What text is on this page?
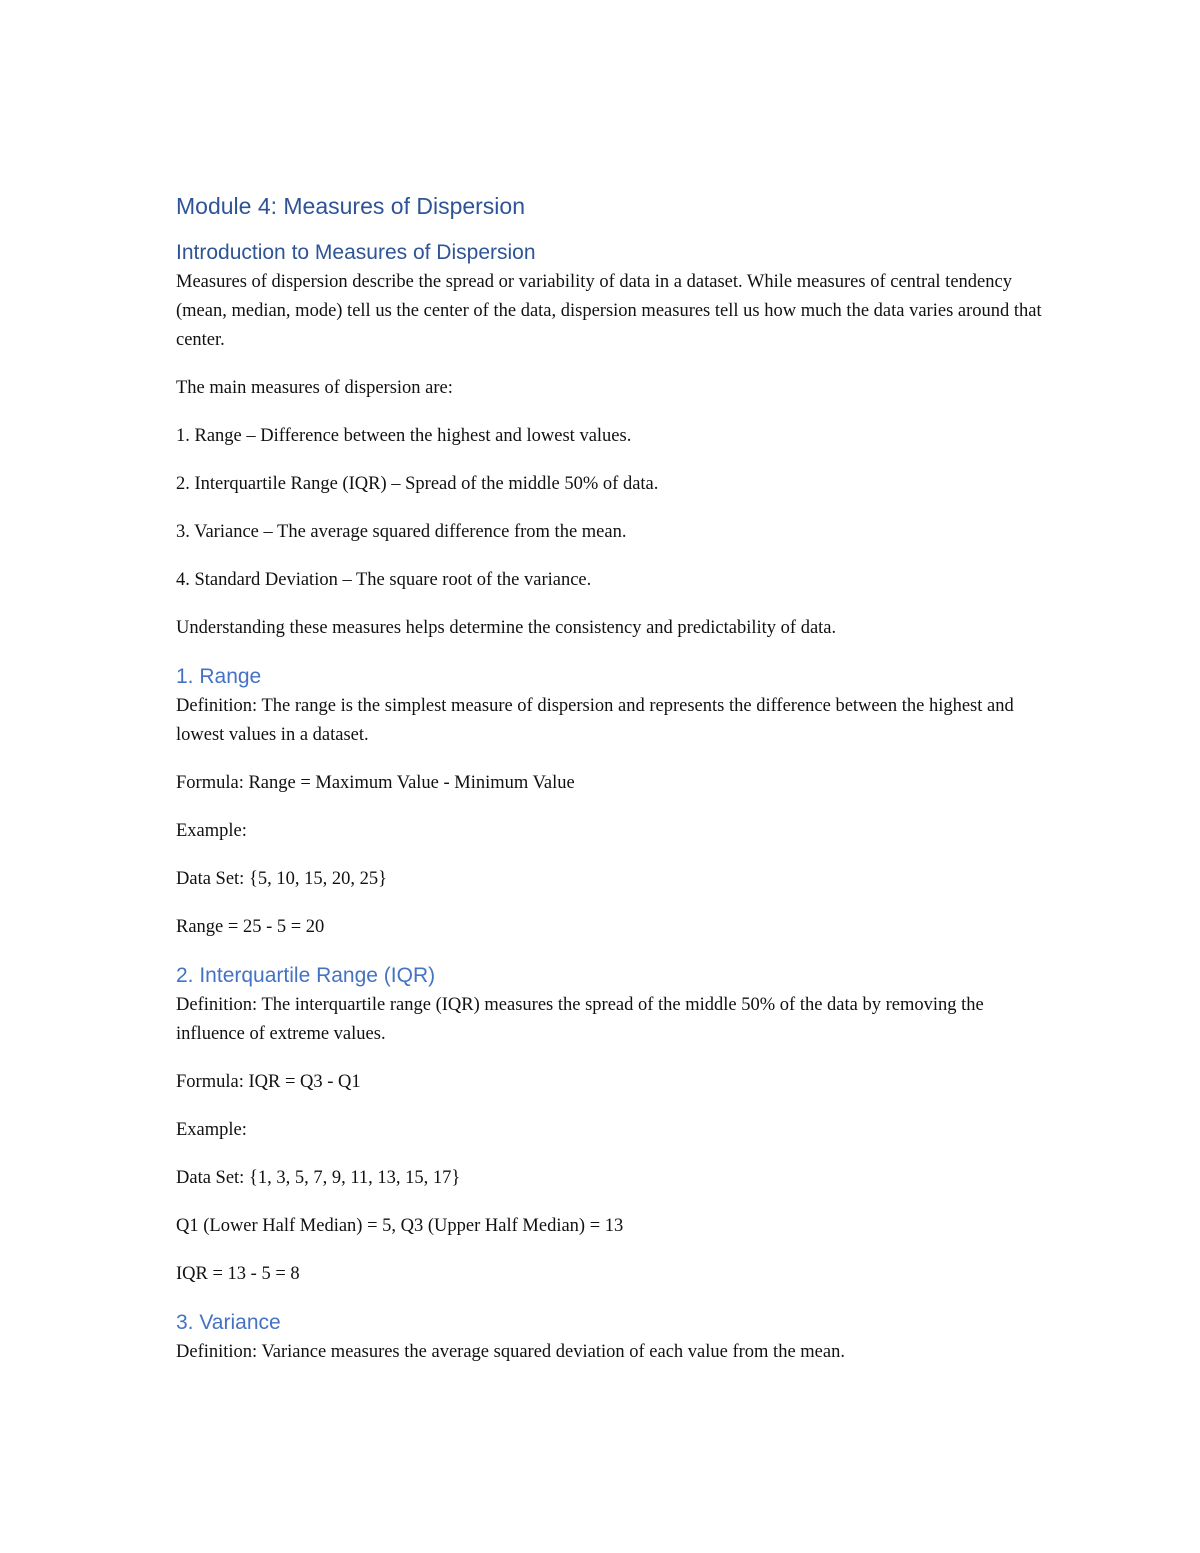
Module 4: Measures of Dispersion
Introduction to Measures of Dispersion

Measures of dispersion describe the spread or variability of data in a dataset. While measures of central tendency (mean, median, mode) tell us the center of the data, dispersion measures tell us how much the data varies around that center.

The main measures of dispersion are:

1. Range – Difference between the highest and lowest values.

2. Interquartile Range (IQR) – Spread of the middle 50% of data.

3. Variance – The average squared difference from the mean.

4. Standard Deviation – The square root of the variance.

Understanding these measures helps determine the consistency and predictability of data.

1. Range

Definition: The range is the simplest measure of dispersion and represents the difference between the highest and lowest values in a dataset.

Formula: Range = Maximum Value - Minimum Value

Example:

Data Set: {5, 10, 15, 20, 25}

Range = 25 - 5 = 20

2. Interquartile Range (IQR)

Definition: The interquartile range (IQR) measures the spread of the middle 50% of the data by removing the influence of extreme values.

Formula: IQR = Q3 - Q1

Example:

Data Set: {1, 3, 5, 7, 9, 11, 13, 15, 17}

Q1 (Lower Half Median) = 5, Q3 (Upper Half Median) = 13

IQR = 13 - 5 = 8

3. Variance

Definition: Variance measures the average squared deviation of each value from the mean.
